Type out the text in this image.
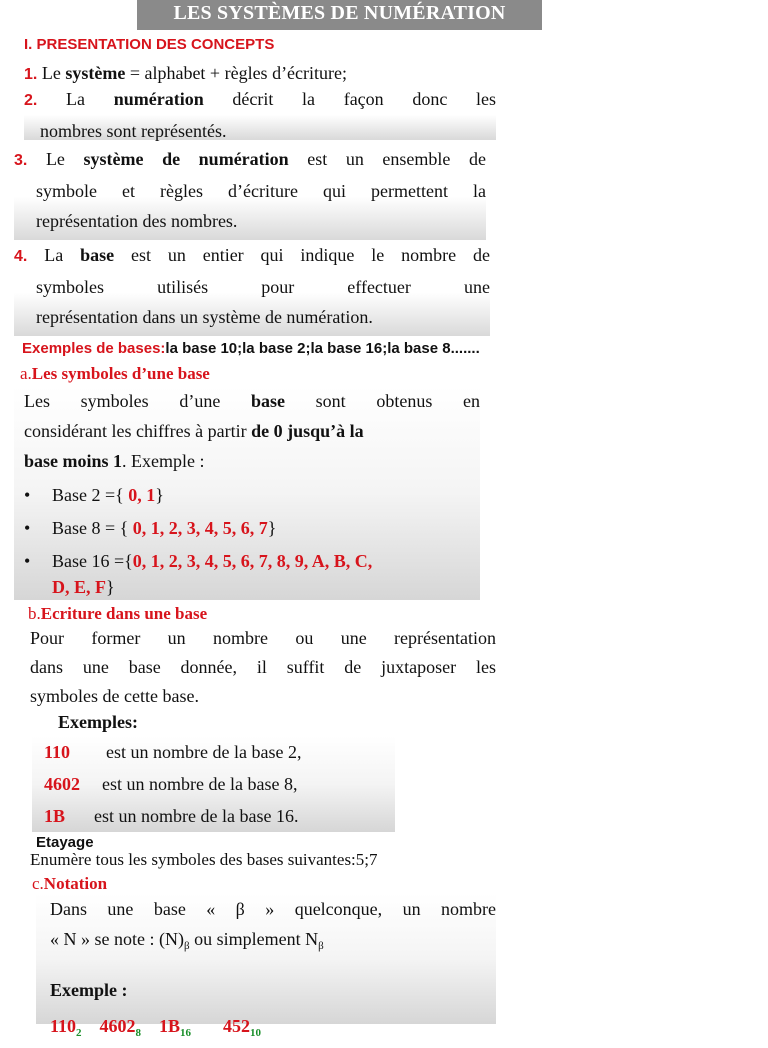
LES SYSTÈMES DE NUMÉRATION
I. PRESENTATION DES CONCEPTS
1. Le système = alphabet + règles d’écriture;
2. La numération décrit la façon donc les
nombres sont représentés.
3. Le système de numération est un ensemble de
symbole et règles d’écriture qui permettent la
représentation des nombres.
4. La base est un entier qui indique le nombre de
symboles utilisés pour effectuer une
représentation dans un système de numération.
Exemples de bases:la base 10;la base 2;la base 16;la base 8.......
a.Les symboles d’une base
Les symboles d’une base sont obtenus en
considérant les chiffres à partir de 0 jusqu’à la
base moins 1. Exemple :
•	Base 2 ={ 0, 1}
•	Base 8 = { 0, 1, 2, 3, 4, 5, 6, 7}
•	Base 16 ={0, 1, 2, 3, 4, 5, 6, 7, 8, 9, A, B, C,
D, E, F}
b.Ecriture dans une base
Pour former un nombre ou une représentation
dans une base donnée, il suffit de juxtaposer les
symboles de cette base.
Exemples:
110 est un nombre de la base 2,
4602 est un nombre de la base 8,
1B est un nombre de la base 16.
Etayage
Enumère tous les symboles des bases suivantes:5;7
c.Notation
Dans une base « β » quelconque, un nombre
« N » se note : $(N)_\beta$ ou simplement $N_\beta$
Exemple :
$110_2$ $4602_8$ $1B_{16}$ $452_{10}$
